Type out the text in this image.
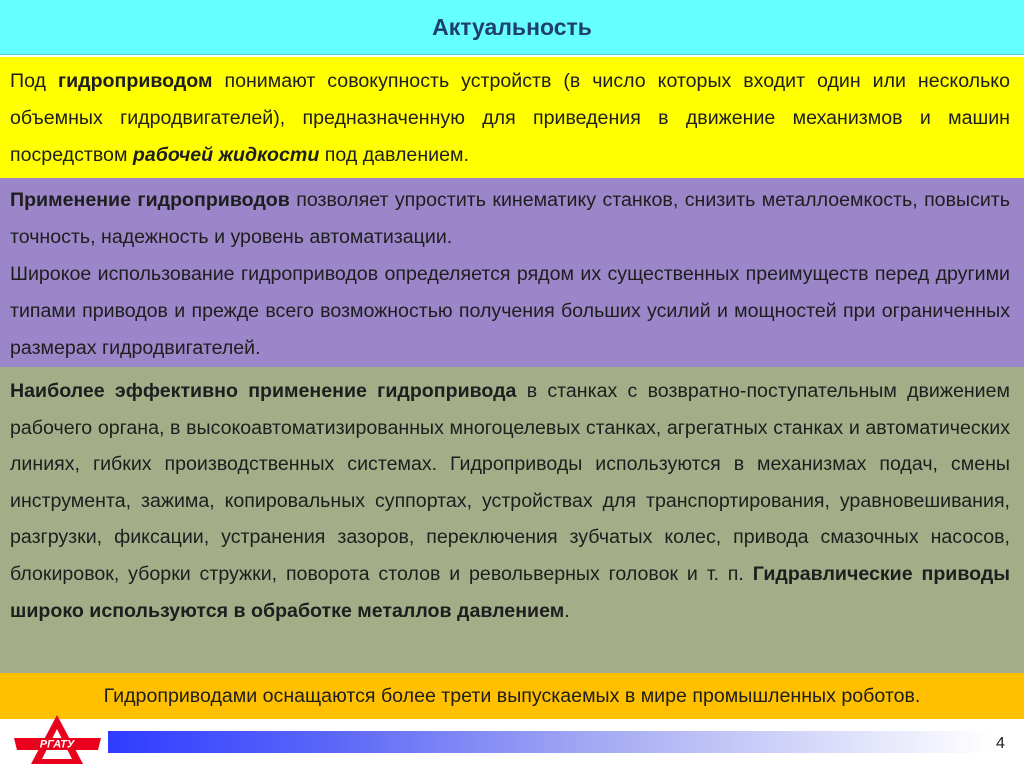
Актуальность

Под гидроприводом понимают совокупность устройств (в число которых входит один или несколько объемных гидродвигателей), предназначенную для приведения в движение механизмов и машин посредством рабочей жидкости под давлением.

Применение гидроприводов позволяет упростить кинематику станков, снизить металлоемкость, повысить точность, надежность и уровень автоматизации.

Широкое использование гидроприводов определяется рядом их существенных преимуществ перед другими типами приводов и прежде всего возможностью получения больших усилий и мощностей при ограниченных размерах гидродвигателей.

Наиболее эффективно применение гидропривода в станках с возвратно-поступательным движением рабочего органа, в высокоавтоматизированных многоцелевых станках, агрегатных станках и автоматических линиях, гибких производственных системах. Гидроприводы используются в механизмах подач, смены инструмента, зажима, копировальных суппортах, устройствах для транспортирования, уравновешивания, разгрузки, фиксации, устранения зазоров, переключения зубчатых колес, привода смазочных насосов, блокировок, уборки стружки, поворота столов и револьверных головок и т. п. Гидравлические приводы широко используются в обработке металлов давлением.

Гидроприводами оснащаются более трети выпускаемых в мире промышленных роботов.
РГАТУ	4
